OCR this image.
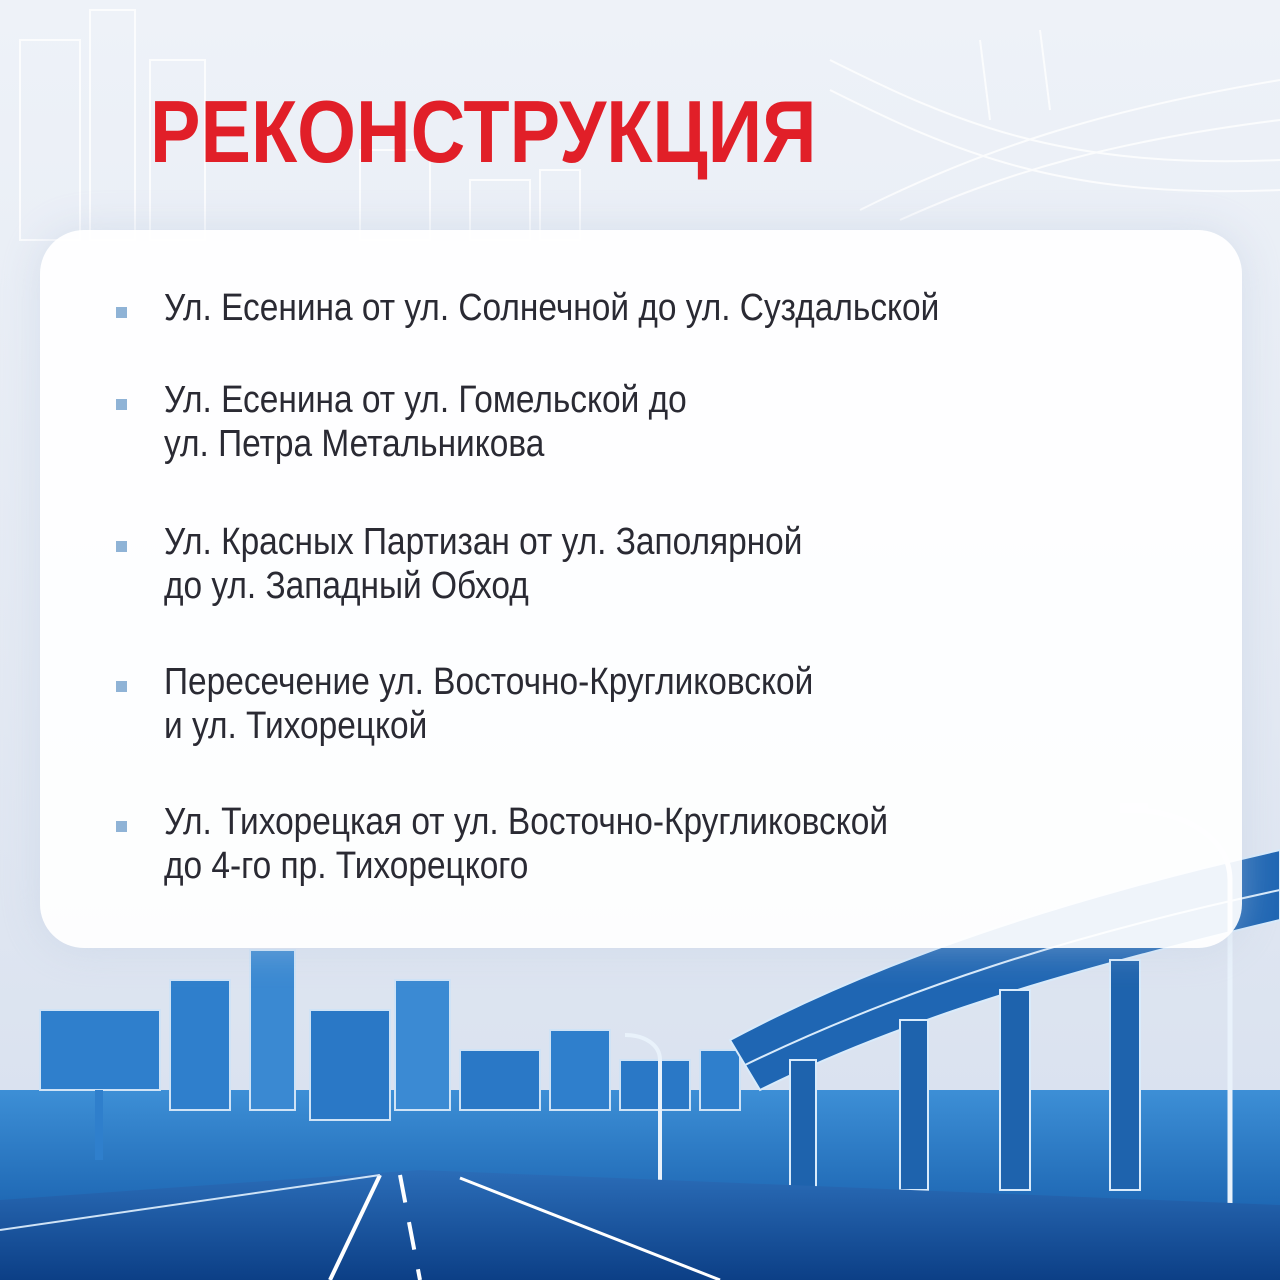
РЕКОНСТРУКЦИЯ
Ул. Есенина от ул. Солнечной до ул. Суздальской
Ул. Есенина от ул. Гомельской до
ул. Петра Метальникова
Ул. Красных Партизан от ул. Заполярной
до ул. Западный Обход
Пересечение ул. Восточно-Кругликовской
и ул. Тихорецкой
Ул. Тихорецкая от ул. Восточно-Кругликовской
до 4-го пр. Тихорецкого
